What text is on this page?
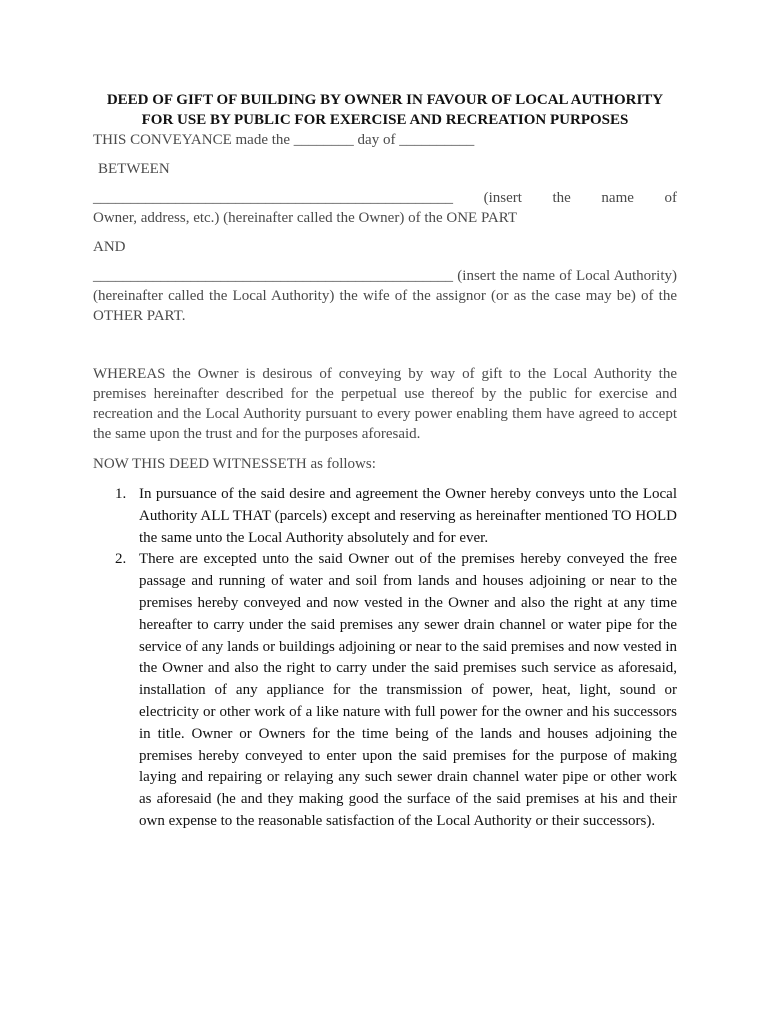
DEED OF GIFT OF BUILDING BY OWNER IN FAVOUR OF LOCAL AUTHORITY FOR USE BY PUBLIC FOR EXERCISE AND RECREATION PURPOSES
THIS CONVEYANCE made the ________ day of __________
BETWEEN
________________________________________________ (insert the name of
Owner, address, etc.) (hereinafter called the Owner) of the ONE PART
AND

________________________________________________ (insert the name of Local Authority) (hereinafter called the Local Authority) the wife of the assignor (or as the case may be) of the OTHER PART.

WHEREAS the Owner is desirous of conveying by way of gift to the Local Authority the premises hereinafter described for the perpetual use thereof by the public for exercise and recreation and the Local Authority pursuant to every power enabling them have agreed to accept the same upon the trust and for the purposes aforesaid.

NOW THIS DEED WITNESSETH as follows:
1. In pursuance of the said desire and agreement the Owner hereby conveys unto the Local Authority ALL THAT (parcels) except and reserving as hereinafter mentioned TO HOLD the same unto the Local Authority absolutely and for ever.
2. There are excepted unto the said Owner out of the premises hereby conveyed the free passage and running of water and soil from lands and houses adjoining or near to the premises hereby conveyed and now vested in the Owner and also the right at any time hereafter to carry under the said premises any sewer drain channel or water pipe for the service of any lands or buildings adjoining or near to the said premises and now vested in the Owner and also the right to carry under the said premises such service as aforesaid, installation of any appliance for the transmission of power, heat, light, sound or electricity or other work of a like nature with full power for the owner and his successors in title. Owner or Owners for the time being of the lands and houses adjoining the premises hereby conveyed to enter upon the said premises for the purpose of making laying and repairing or relaying any such sewer drain channel water pipe or other work as aforesaid (he and they making good the surface of the said premises at his and their own expense to the reasonable satisfaction of the Local Authority or their successors).
